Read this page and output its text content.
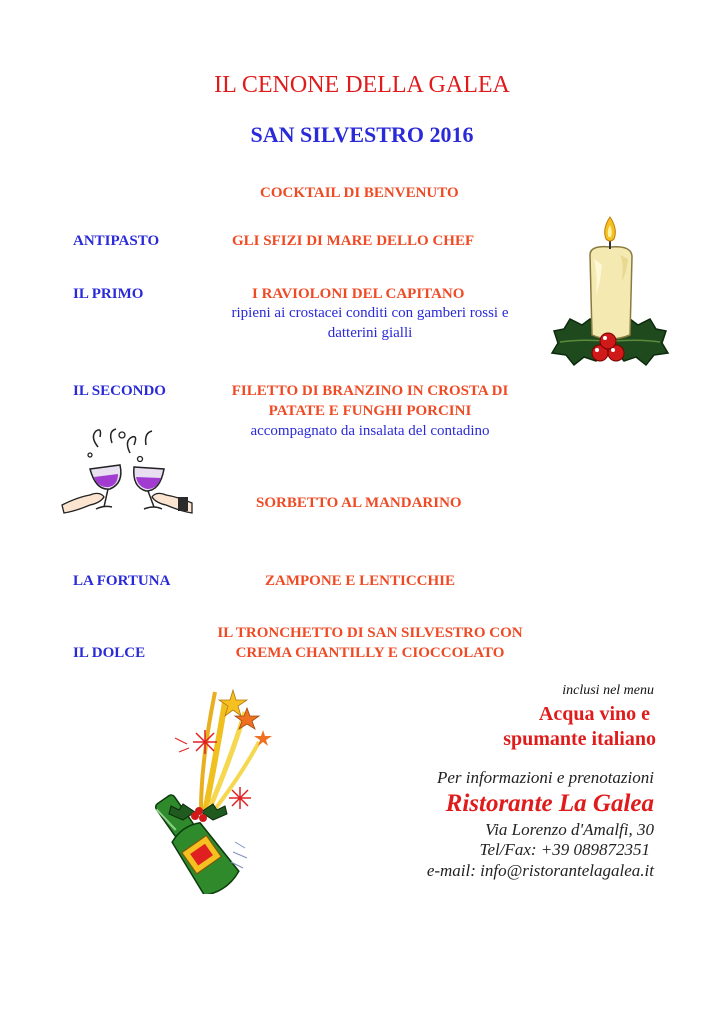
IL CENONE DELLA GALEA
SAN SILVESTRO 2016
COCKTAIL DI BENVENUTO
ANTIPASTO	GLI SFIZI DI MARE DELLO CHEF
IL PRIMO	I RAVIOLONI DEL CAPITANO
ripieni ai crostacei conditi con gamberi rossi e
datterini gialli
IL SECONDO	FILETTO DI BRANZINO IN CROSTA DI
PATATE E FUNGHI PORCINI
accompagnato da insalata del contadino
SORBETTO AL MANDARINO
LA FORTUNA	ZAMPONE E LENTICCHIE
IL TRONCHETTO DI SAN SILVESTRO CON
IL DOLCE	CREMA CHANTILLY E CIOCCOLATO
inclusi nel menu
Acqua vino e
spumante italiano
Per informazioni e prenotazioni
Ristorante La Galea
Via Lorenzo d'Amalfi, 30
Tel/Fax: +39 089872351
e-mail: info@ristorantelagalea.it
